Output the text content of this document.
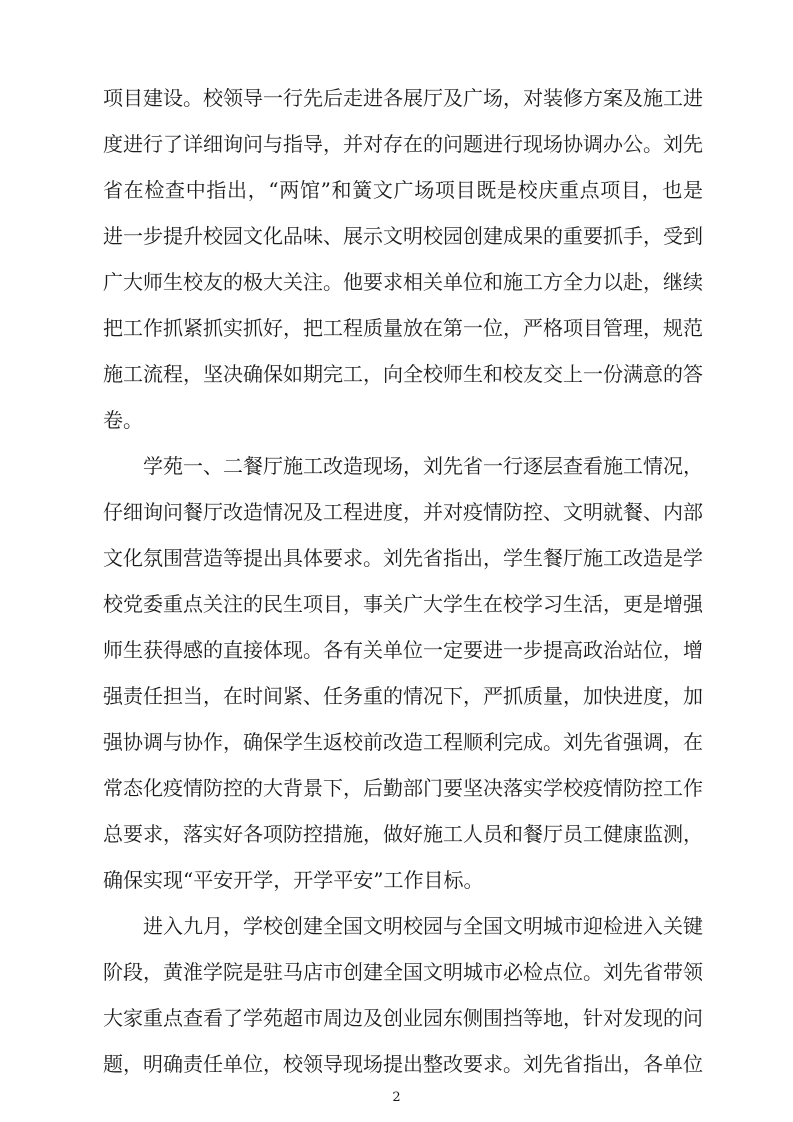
项目建设。校领导一行先后走进各展厅及广场，对装修方案及施工进
度进行了详细询问与指导，并对存在的问题进行现场协调办公。刘先
省在检查中指出，“两馆”和簧文广场项目既是校庆重点项目，也是
进一步提升校园文化品味、展示文明校园创建成果的重要抓手，受到
广大师生校友的极大关注。他要求相关单位和施工方全力以赴，继续
把工作抓紧抓实抓好，把工程质量放在第一位，严格项目管理，规范
施工流程，坚决确保如期完工，向全校师生和校友交上一份满意的答
卷。
学苑一、二餐厅施工改造现场，刘先省一行逐层查看施工情况，
仔细询问餐厅改造情况及工程进度，并对疫情防控、文明就餐、内部
文化氛围营造等提出具体要求。刘先省指出，学生餐厅施工改造是学
校党委重点关注的民生项目，事关广大学生在校学习生活，更是增强
师生获得感的直接体现。各有关单位一定要进一步提高政治站位，增
强责任担当，在时间紧、任务重的情况下，严抓质量，加快进度，加
强协调与协作，确保学生返校前改造工程顺利完成。刘先省强调，在
常态化疫情防控的大背景下，后勤部门要坚决落实学校疫情防控工作
总要求，落实好各项防控措施，做好施工人员和餐厅员工健康监测，
确保实现“平安开学，开学平安”工作目标。
进入九月，学校创建全国文明校园与全国文明城市迎检进入关键
阶段，黄淮学院是驻马店市创建全国文明城市必检点位。刘先省带领
大家重点查看了学苑超市周边及创业园东侧围挡等地，针对发现的问
题，明确责任单位，校领导现场提出整改要求。刘先省指出，各单位
2
